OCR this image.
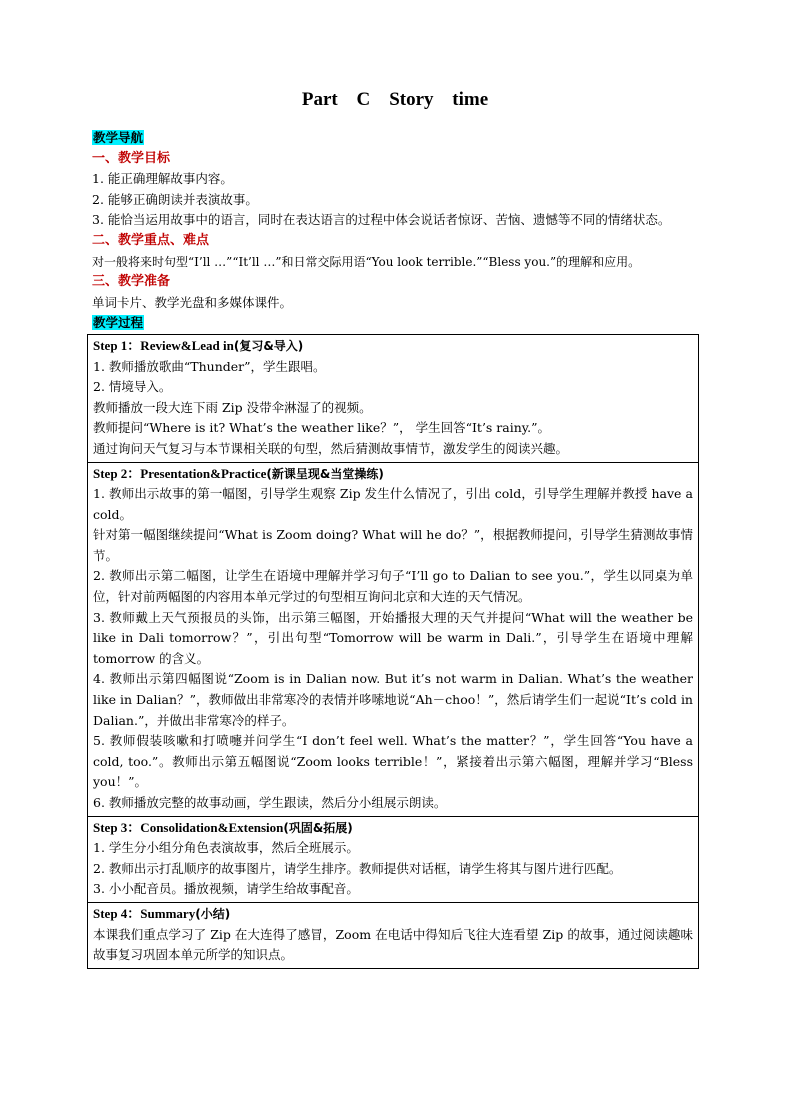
Part C　Story time
教学导航
一、教学目标
1. 能正确理解故事内容。
2. 能够正确朗读并表演故事。
3. 能恰当运用故事中的语言，同时在表达语言的过程中体会说话者惊讶、苦恼、遗憾等不同的情绪状态。
二、教学重点、难点
对一般将来时句型“I’ll …”“It’ll …”和日常交际用语“You look terrible.”“Bless you.”的理解和应用。
三、教学准备
单词卡片、教学光盘和多媒体课件。
教学过程
Step 1：Review&Lead in(复习&导入)
1. 教师播放歌曲“Thunder”，学生跟唱。
2. 情境导入。
教师播放一段大连下雨 Zip 没带伞淋湿了的视频。
教师提问“Where is it? What’s the weather like？”， 学生回答“It’s rainy.”。
通过询问天气复习与本节课相关联的句型，然后猜测故事情节，激发学生的阅读兴趣。

Step 2：Presentation&Practice(新课呈现&当堂操练)
1. 教师出示故事的第一幅图，引导学生观察 Zip 发生什么情况了，引出 cold，引导学生理解并教授 have a cold。
针对第一幅图继续提问“What is Zoom doing? What will he do？”，根据教师提问，引导学生猜测故事情节。
2. 教师出示第二幅图，让学生在语境中理解并学习句子“I’ll go to Dalian to see you.”，学生以同桌为单位，针对前两幅图的内容用本单元学过的句型相互询问北京和大连的天气情况。
3. 教师戴上天气预报员的头饰，出示第三幅图，开始播报大理的天气并提问“What will the weather be like in Dali tomorrow？”，引出句型“Tomorrow will be warm in Dali.”，引导学生在语境中理解 tomorrow 的含义。
4. 教师出示第四幅图说“Zoom is in Dalian now. But it’s not warm in Dalian. What’s the weather like in Dalian？”，教师做出非常寒冷的表情并哆嗦地说“Ah－choo！”，然后请学生们一起说“It’s cold in Dalian.”，并做出非常寒冷的样子。
5. 教师假装咳嗽和打喷嚏并问学生“I don’t feel well. What’s the matter？”，学生回答“You have a cold, too.”。教师出示第五幅图说“Zoom looks terrible！”，紧接着出示第六幅图，理解并学习“Bless you！”。
6. 教师播放完整的故事动画，学生跟读，然后分小组展示朗读。

Step 3：Consolidation&Extension(巩固&拓展)
1. 学生分小组分角色表演故事，然后全班展示。
2. 教师出示打乱顺序的故事图片，请学生排序。教师提供对话框，请学生将其与图片进行匹配。
3. 小小配音员。播放视频，请学生给故事配音。

Step 4：Summary(小结)
本课我们重点学习了 Zip 在大连得了感冒，Zoom 在电话中得知后飞往大连看望 Zip 的故事，通过阅读趣味故事复习巩固本单元所学的知识点。
